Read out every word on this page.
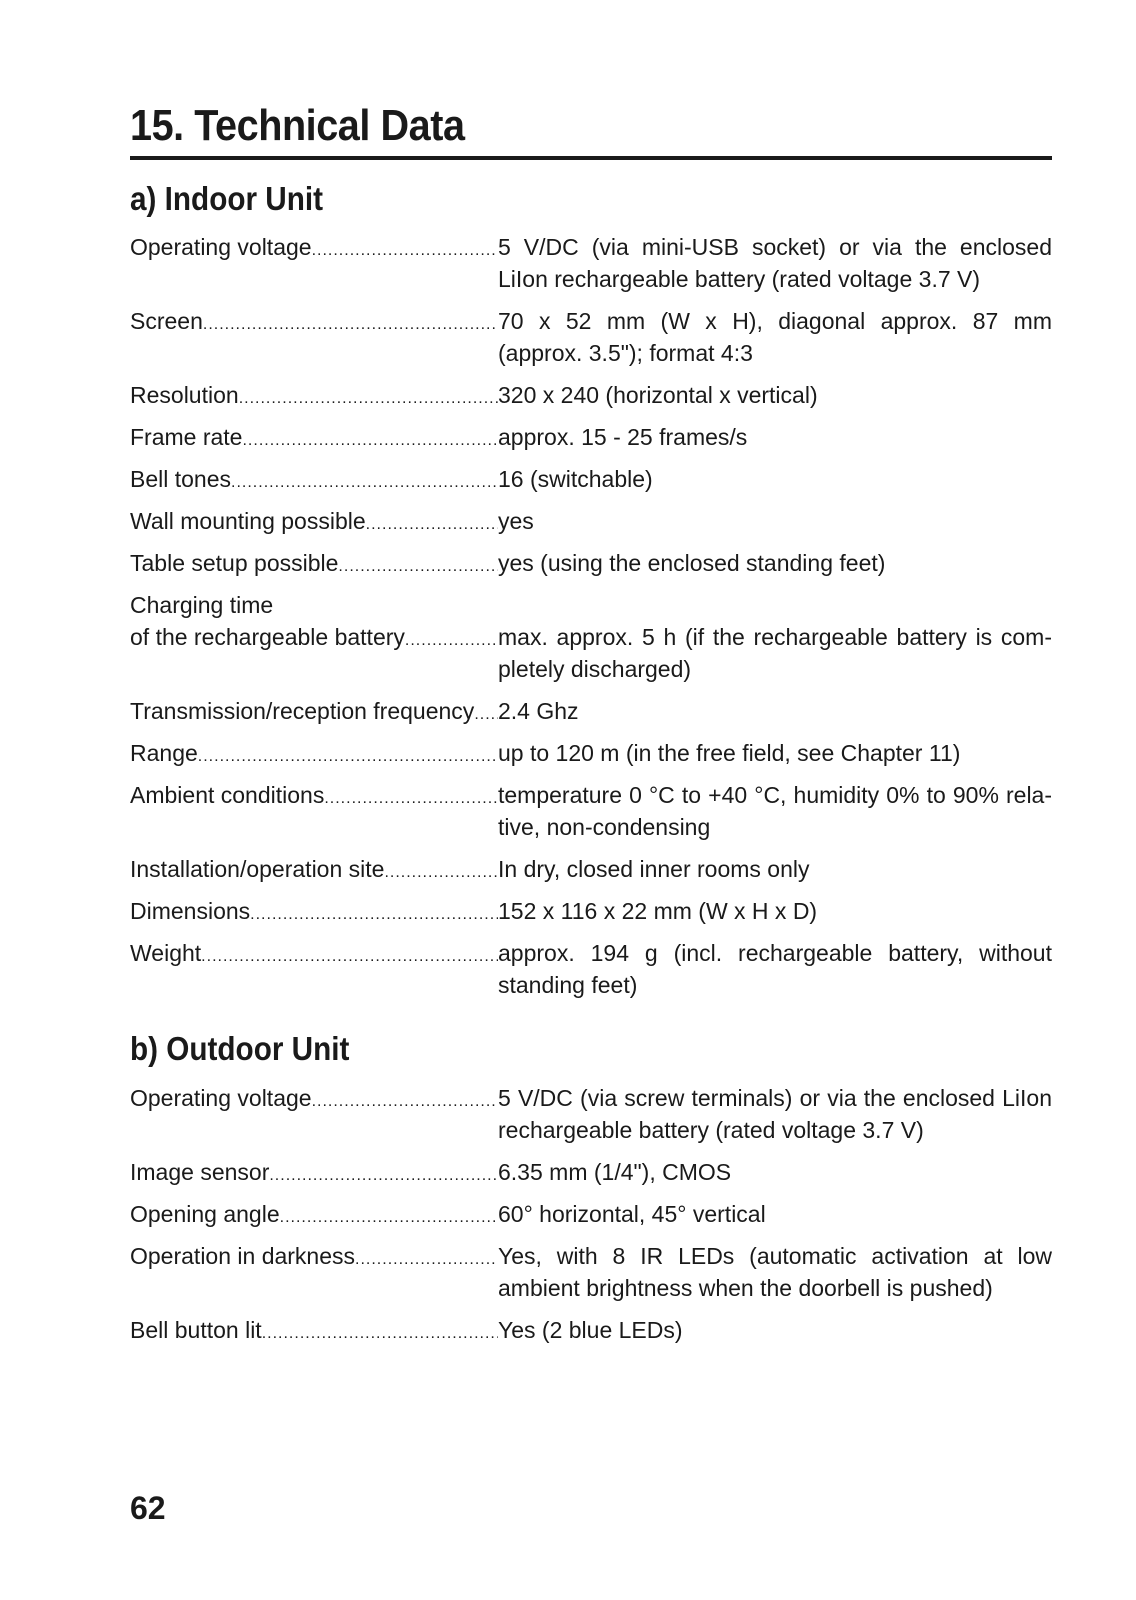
15. Technical Data
a) Indoor Unit
Operating voltage .....	5 V/DC (via mini-USB socket) or via the enclosed LiIon rechargeable battery (rated voltage 3.7 V)
Screen .....	70 x 52 mm (W x H), diagonal approx. 87 mm (approx. 3.5"); format 4:3
Resolution .....	320 x 240 (horizontal x vertical)
Frame rate .....	approx. 15 - 25 frames/s
Bell tones .....	16 (switchable)
Wall mounting possible .....	yes
Table setup possible .....	yes (using the enclosed standing feet)
Charging time
of the rechargeable battery .....	max. approx. 5 h (if the rechargeable battery is com-pletely discharged)
Transmission/reception frequency ..... 2.4 Ghz
Range .....	up to 120 m (in the free field, see Chapter 11)
Ambient conditions .....	temperature 0 °C to +40 °C, humidity 0% to 90% rela-tive, non-condensing
Installation/operation site .....	In dry, closed inner rooms only
Dimensions .....	152 x 116 x 22 mm (W x H x D)
Weight .....	approx. 194 g (incl. rechargeable battery, without standing feet)
b) Outdoor Unit
Operating voltage .....	5 V/DC (via screw terminals) or via the enclosed LiIon rechargeable battery (rated voltage 3.7 V)
Image sensor .....	6.35 mm (1/4"), CMOS
Opening angle .....	60° horizontal, 45° vertical
Operation in darkness .....	Yes, with 8 IR LEDs (automatic activation at low ambient brightness when the doorbell is pushed)
Bell button lit .....	Yes (2 blue LEDs)

62
